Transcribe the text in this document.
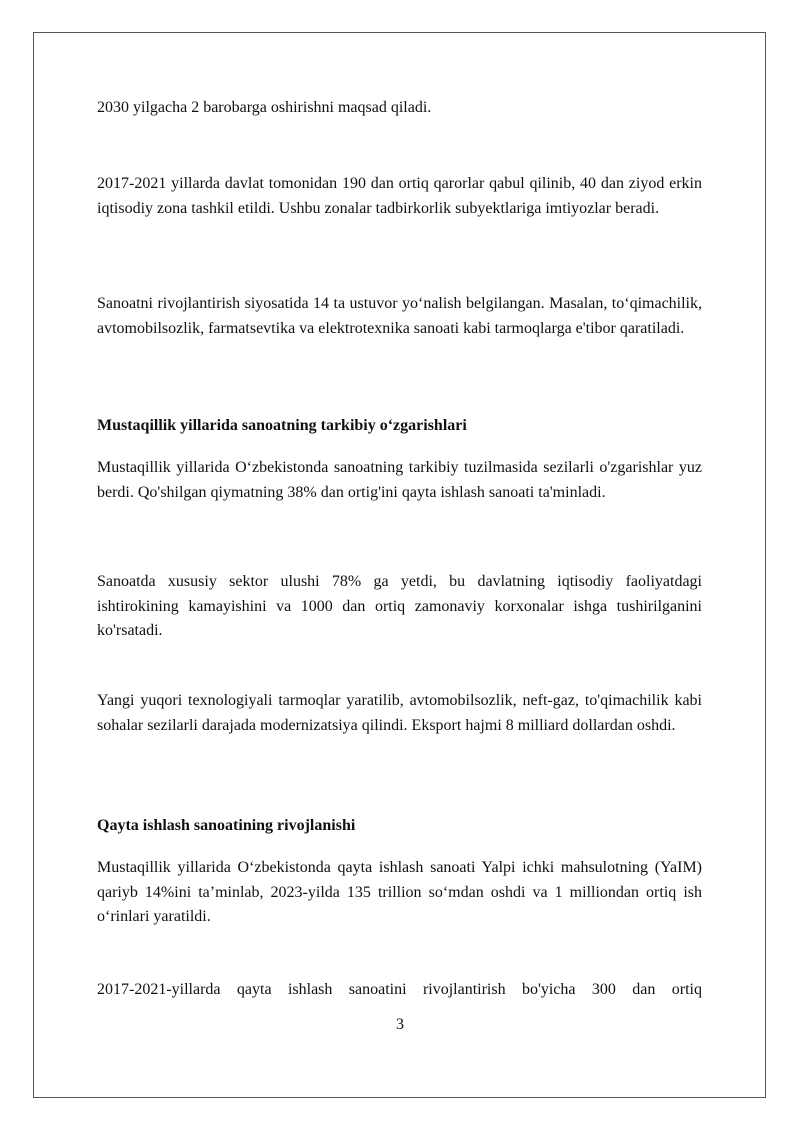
2030 yilgacha 2 barobarga oshirishni maqsad qiladi.

2017-2021 yillarda davlat tomonidan 190 dan ortiq qarorlar qabul qilinib, 40 dan ziyod erkin iqtisodiy zona tashkil etildi. Ushbu zonalar tadbirkorlik subyektlariga imtiyozlar beradi.

Sanoatni rivojlantirish siyosatida 14 ta ustuvor yo‘nalish belgilangan. Masalan, to‘qimachilik, avtomobilsozlik, farmatsevtika va elektrotexnika sanoati kabi tarmoqlarga e'tibor qaratiladi.

Mustaqillik yillarida sanoatning tarkibiy o‘zgarishlari

Mustaqillik yillarida O‘zbekistonda sanoatning tarkibiy tuzilmasida sezilarli o'zgarishlar yuz berdi. Qo'shilgan qiymatning 38% dan ortig'ini qayta ishlash sanoati ta'minladi.

Sanoatda xususiy sektor ulushi 78% ga yetdi, bu davlatning iqtisodiy faoliyatdagi ishtirokining kamayishini va 1000 dan ortiq zamonaviy korxonalar ishga tushirilganini ko'rsatadi.

Yangi yuqori texnologiyali tarmoqlar yaratilib, avtomobilsozlik, neft-gaz, to'qimachilik kabi sohalar sezilarli darajada modernizatsiya qilindi. Eksport hajmi 8 milliard dollardan oshdi.

Qayta ishlash sanoatining rivojlanishi

Mustaqillik yillarida O‘zbekistonda qayta ishlash sanoati Yalpi ichki mahsulotning (YaIM) qariyb 14%ini ta’minlab, 2023-yilda 135 trillion so‘mdan oshdi va 1 milliondan ortiq ish o‘rinlari yaratildi.

2017-2021-yillarda qayta ishlash sanoatini rivojlantirish bo'yicha 300 dan ortiq

3
